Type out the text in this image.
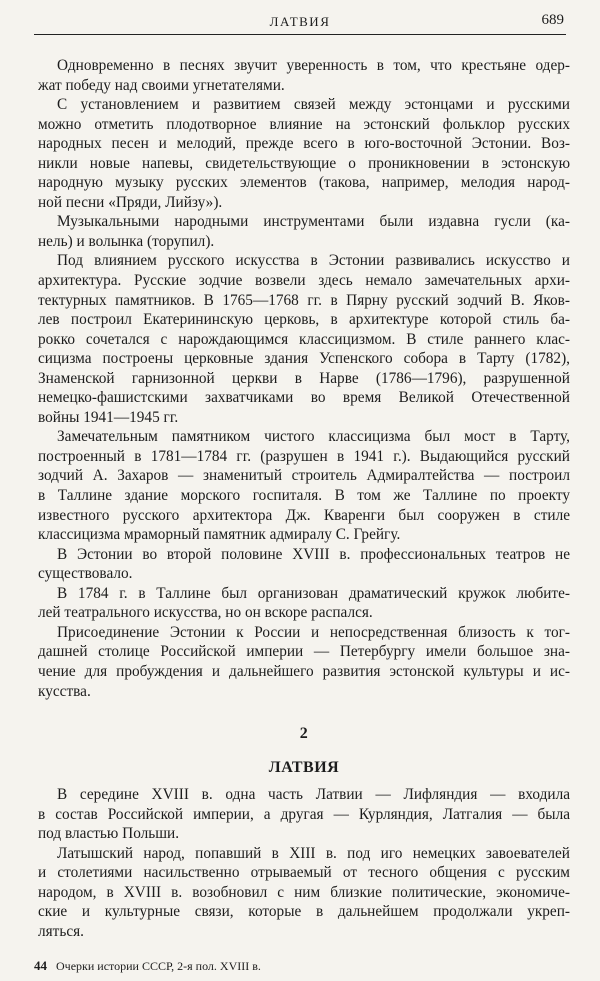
ЛАТВИЯ	689
Одновременно в песнях звучит уверенность в том, что крестьяне одер-
жат победу над своими угнетателями.
С установлением и развитием связей между эстонцами и русскими
можно отметить плодотворное влияние на эстонский фольклор русских
народных песен и мелодий, прежде всего в юго-восточной Эстонии. Воз-
никли новые напевы, свидетельствующие о проникновении в эстонскую
народную музыку русских элементов (такова, например, мелодия народ-
ной песни «Пряди, Лийзу»).
Музыкальными народными инструментами были издавна гусли (ка-
нель) и волынка (торупил).
Под влиянием русского искусства в Эстонии развивались искусство и
архитектура. Русские зодчие возвели здесь немало замечательных архи-
тектурных памятников. В 1765—1768 гг. в Пярну русский зодчий В. Яков-
лев построил Екатерининскую церковь, в архитектуре которой стиль ба-
рокко сочетался с нарождающимся классицизмом. В стиле раннего клас-
сицизма построены церковные здания Успенского собора в Тарту (1782),
Знаменской гарнизонной церкви в Нарве (1786—1796), разрушенной
немецко-фашистскими захватчиками во время Великой Отечественной
войны 1941—1945 гг.
Замечательным памятником чистого классицизма был мост в Тарту,
построенный в 1781—1784 гг. (разрушен в 1941 г.). Выдающийся русский
зодчий А. Захаров — знаменитый строитель Адмиралтейства — построил
в Таллине здание морского госпиталя. В том же Таллине по проекту
известного русского архитектора Дж. Кваренги был сооружен в стиле
классицизма мраморный памятник адмиралу С. Грейгу.
В Эстонии во второй половине XVIII в. профессиональных театров не
существовало.
В 1784 г. в Таллине был организован драматический кружок любите-
лей театрального искусства, но он вскоре распался.
Присоединение Эстонии к России и непосредственная близость к тог-
дашней столице Российской империи — Петербургу имели большое зна-
чение для пробуждения и дальнейшего развития эстонской культуры и ис-
кусства.
2
ЛАТВИЯ
В середине XVIII в. одна часть Латвии — Лифляндия — входила
в состав Российской империи, а другая — Курляндия, Латгалия — была
под властью Польши.
Латышский народ, попавший в XIII в. под иго немецких завоевателей
и столетиями насильственно отрываемый от тесного общения с русским
народом, в XVIII в. возобновил с ним близкие политические, экономиче-
ские и культурные связи, которые в дальнейшем продолжали укреп-
ляться.
44 Очерки истории СССР, 2-я пол. XVIII в.
